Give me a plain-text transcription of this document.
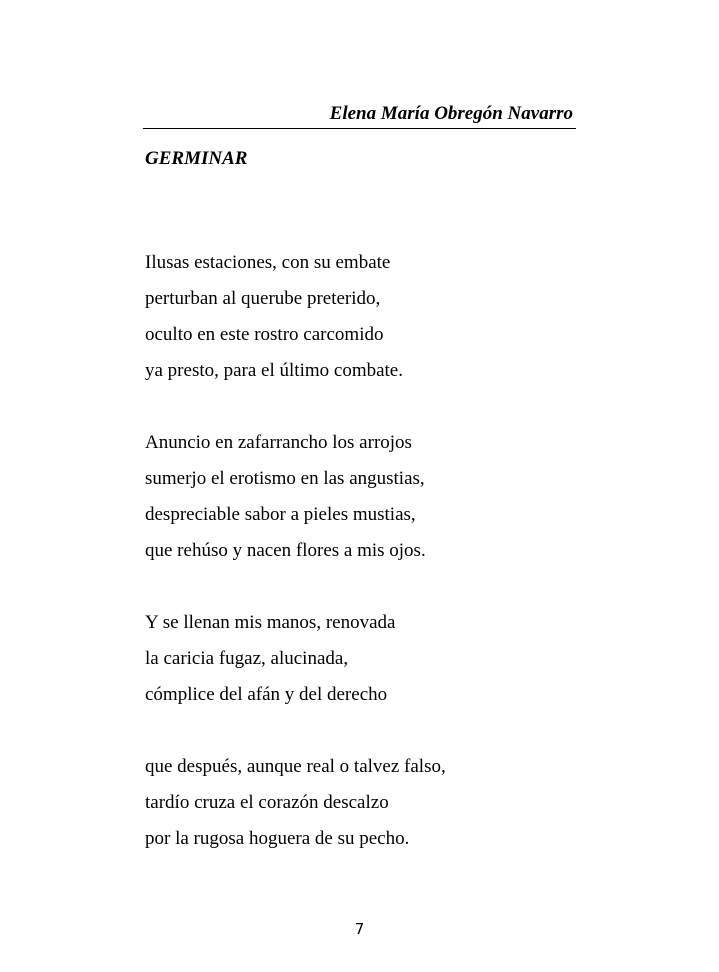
Elena María Obregón Navarro
GERMINAR
Ilusas estaciones, con su embate
perturban al querube preterido,
oculto en este rostro carcomido
ya presto, para el último combate.
Anuncio en zafarrancho los arrojos
sumerjo el erotismo en las angustias,
despreciable sabor a pieles mustias,
que rehúso y nacen flores a mis ojos.
Y se llenan mis manos, renovada
la caricia fugaz, alucinada,
cómplice del afán y del derecho
que después, aunque real o talvez falso,
tardío cruza el corazón descalzo
por la rugosa hoguera de su pecho.
7
